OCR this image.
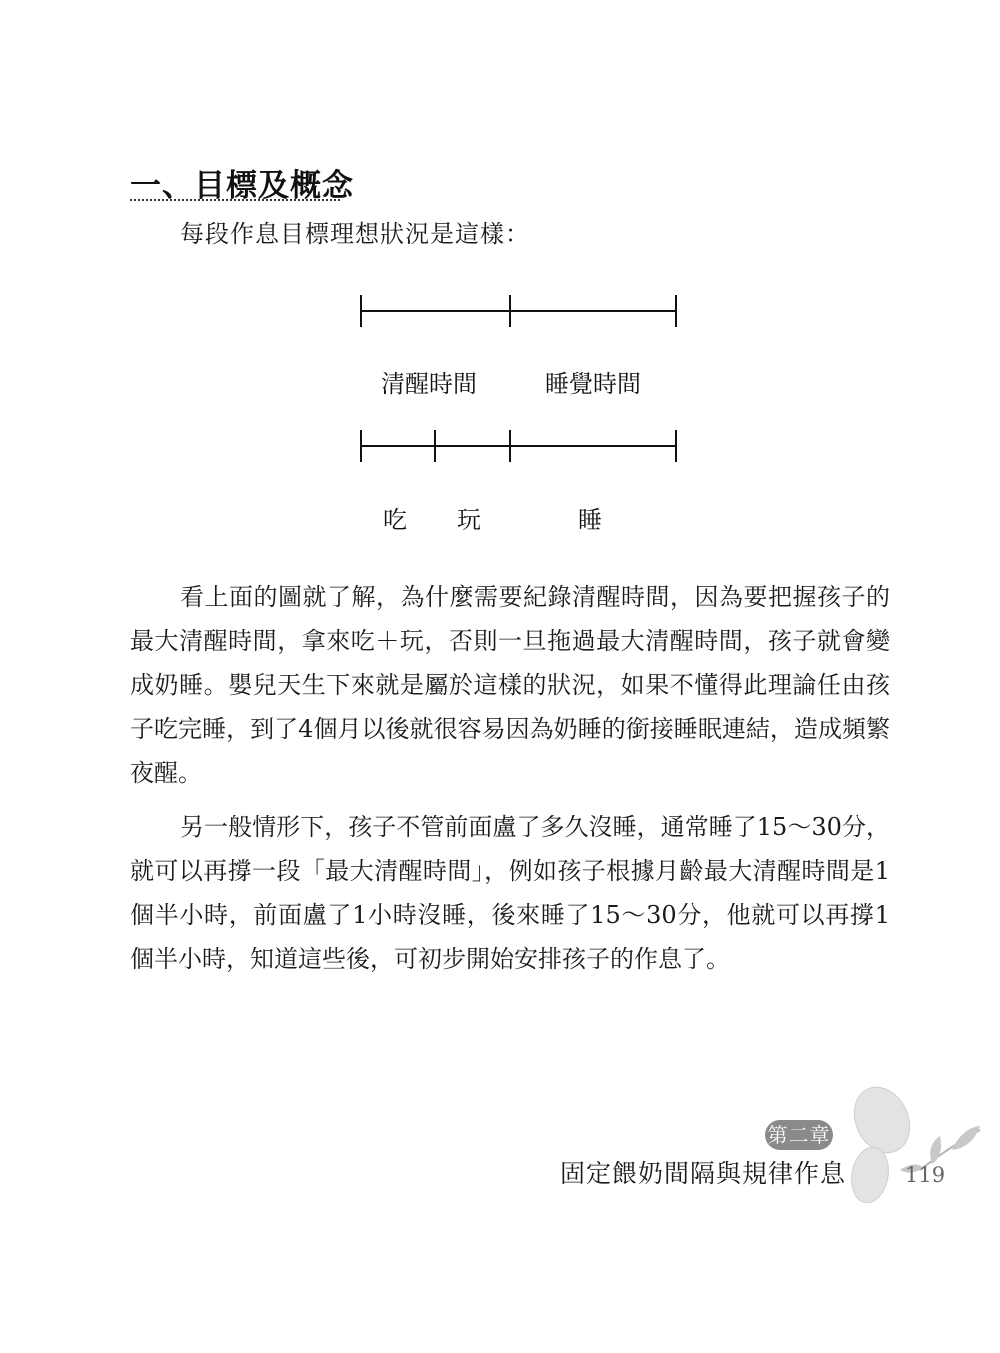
一、目標及概念
每段作息目標理想狀況是這樣：
清醒時間	睡覺時間
吃 玩	睡

看上面的圖就了解，為什麼需要紀錄清醒時間，因為要把握孩子的最大清醒時間，拿來吃＋玩，否則一旦拖過最大清醒時間，孩子就會變成奶睡。嬰兒天生下來就是屬於這樣的狀況，如果不懂得此理論任由孩子吃完睡，到了4個月以後就很容易因為奶睡的銜接睡眠連結，造成頻繁夜醒。

另一般情形下，孩子不管前面盧了多久沒睡，通常睡了15～30分，就可以再撐一段「最大清醒時間」，例如孩子根據月齡最大清醒時間是1個半小時，前面盧了1小時沒睡，後來睡了15～30分，他就可以再撐1個半小時，知道這些後，可初步開始安排孩子的作息了。

第二章
固定餵奶間隔與規律作息	119
